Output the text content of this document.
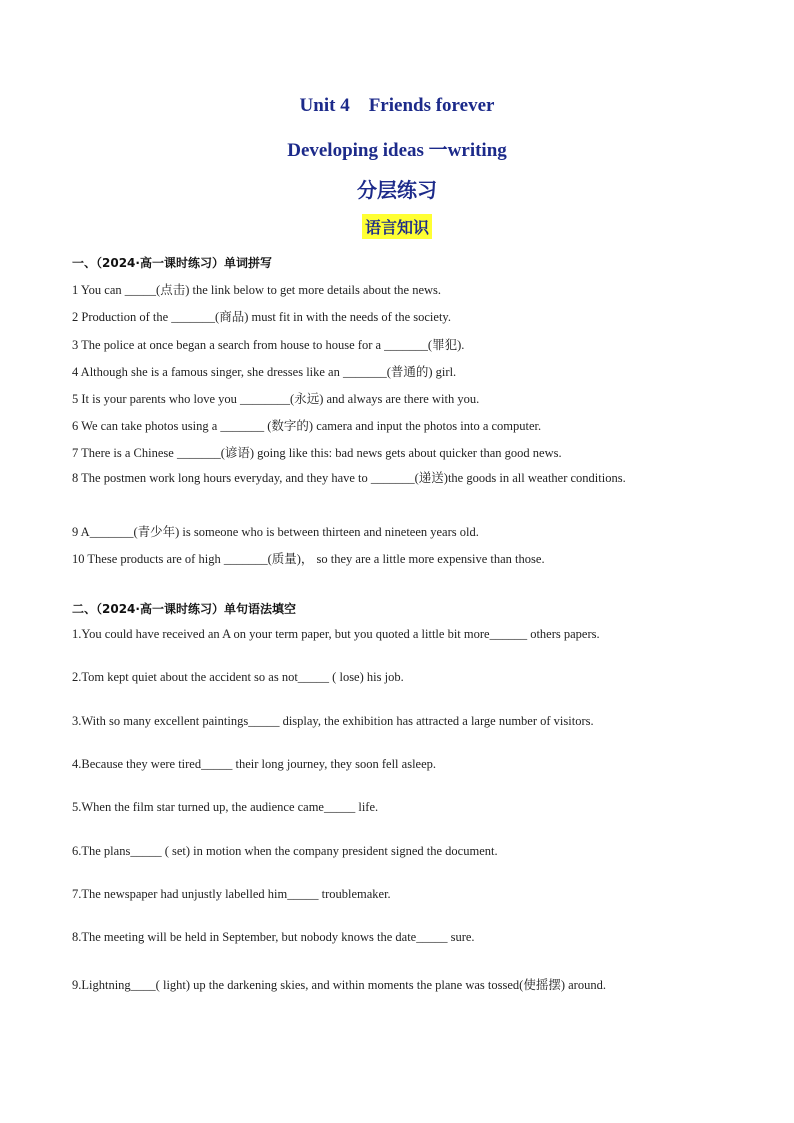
Unit 4    Friends forever
Developing ideas 一writing
分层练习
语言知识
一、（2024·高一课时练习）单词拼写
1 You can _____(点击) the link below to get more details about the news.
2 Production of the _______(商品) must fit in with the needs of the society.
3 The police at once began a search from house to house for a _______(罪犯).
4 Although she is a famous singer, she dresses like an _______(普通的) girl.
5 It is your parents who love you ________(永远) and always are there with you.
6 We can take photos using a _______ (数字的) camera and input the photos into a computer.
7 There is a Chinese _______(谚语) going like this: bad news gets about quicker than good news.
8 The postmen work long hours everyday, and they have to _______(递送)the goods in all weather conditions.
9 A_______(青少年) is someone who is between thirteen and nineteen years old.
10 These products are of high _______(质量)， so they are a little more expensive than those.
二、（2024·高一课时练习）单句语法填空
1.You could have received an A on your term paper, but you quoted a little bit more______ others papers.
2.Tom kept quiet about the accident so as not_____ ( lose) his job.
3.With so many excellent paintings_____ display, the exhibition has attracted a large number of visitors.
4.Because they were tired_____ their long journey, they soon fell asleep.
5.When the film star turned up, the audience came_____ life.
6.The plans_____ ( set) in motion when the company president signed the document.
7.The newspaper had unjustly labelled him_____ troublemaker.
8.The meeting will be held in September, but nobody knows the date_____ sure.
9.Lightning____( light) up the darkening skies, and within moments the plane was tossed(使摇摆) around.
